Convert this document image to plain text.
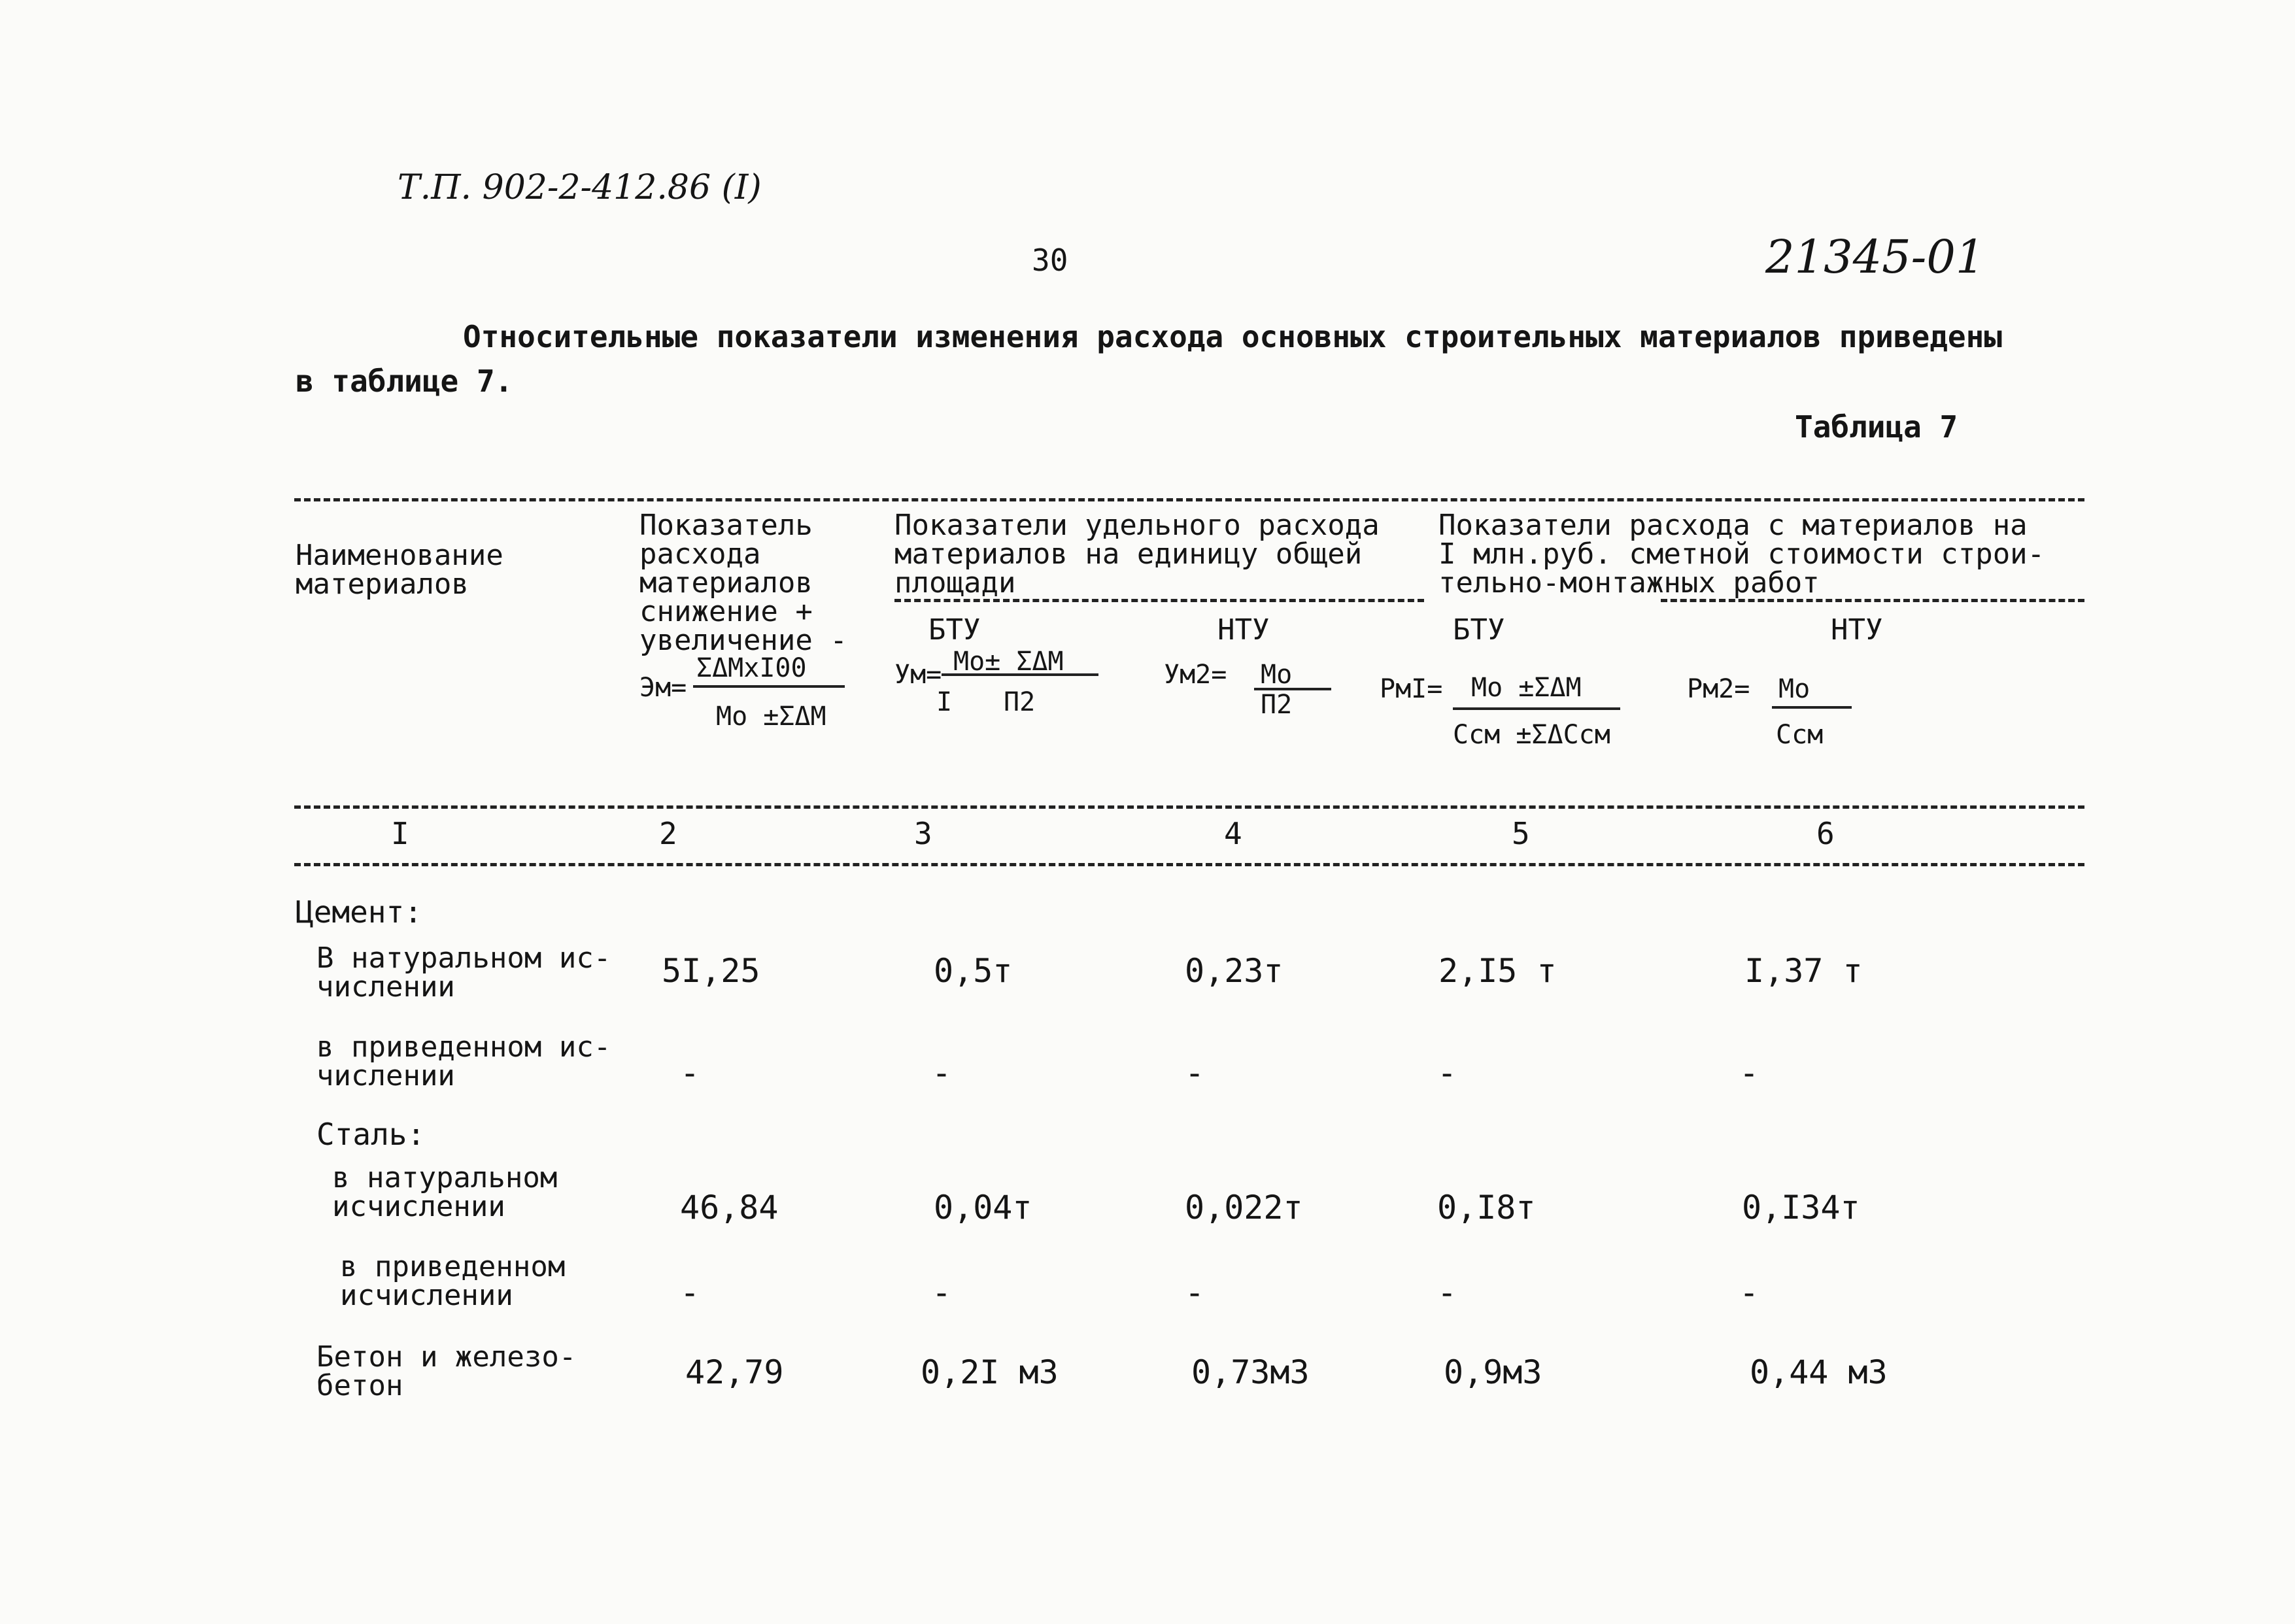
Т.П. 902-2-412.86 (I)
30	21345-01
Относительные показатели изменения расхода основных строительных материалов приведены
в таблице 7.
Таблица 7
Наименование
материалов
Показатель
расхода
материалов
снижение +
увеличение -
Эм=
ΣΔМxI00
Мо ±ΣΔМ
Показатели удельного расхода
материалов на единицу общей
площади
Показатели расхода с материалов на
I млн.руб. сметной стоимости строи-
тельно-монтажных работ
БТУ	НТУ	БТУ	НТУ
Ум= Мо± ΣΔМ
I П2
Ум2= Мо
П2
РмI= Мо ±ΣΔМ
Ссм ±ΣΔСсм
Рм2= Мо
Ссм
I	2	3	4	5	6
Цемент:
В натуральном ис-
числении	5I,25	0,5т	0,23т	2,I5 т	I,37 т
в приведенном ис-
числении	-	-	-	-	-
Сталь:
в натуральном
исчислении	46,84	0,04т	0,022т	0,I8т	0,I34т
в приведенном
исчислении	-	-	-	-	-
Бетон и железо-
бетон	42,79	0,2I м3	0,73м3	0,9м3	0,44 м3
